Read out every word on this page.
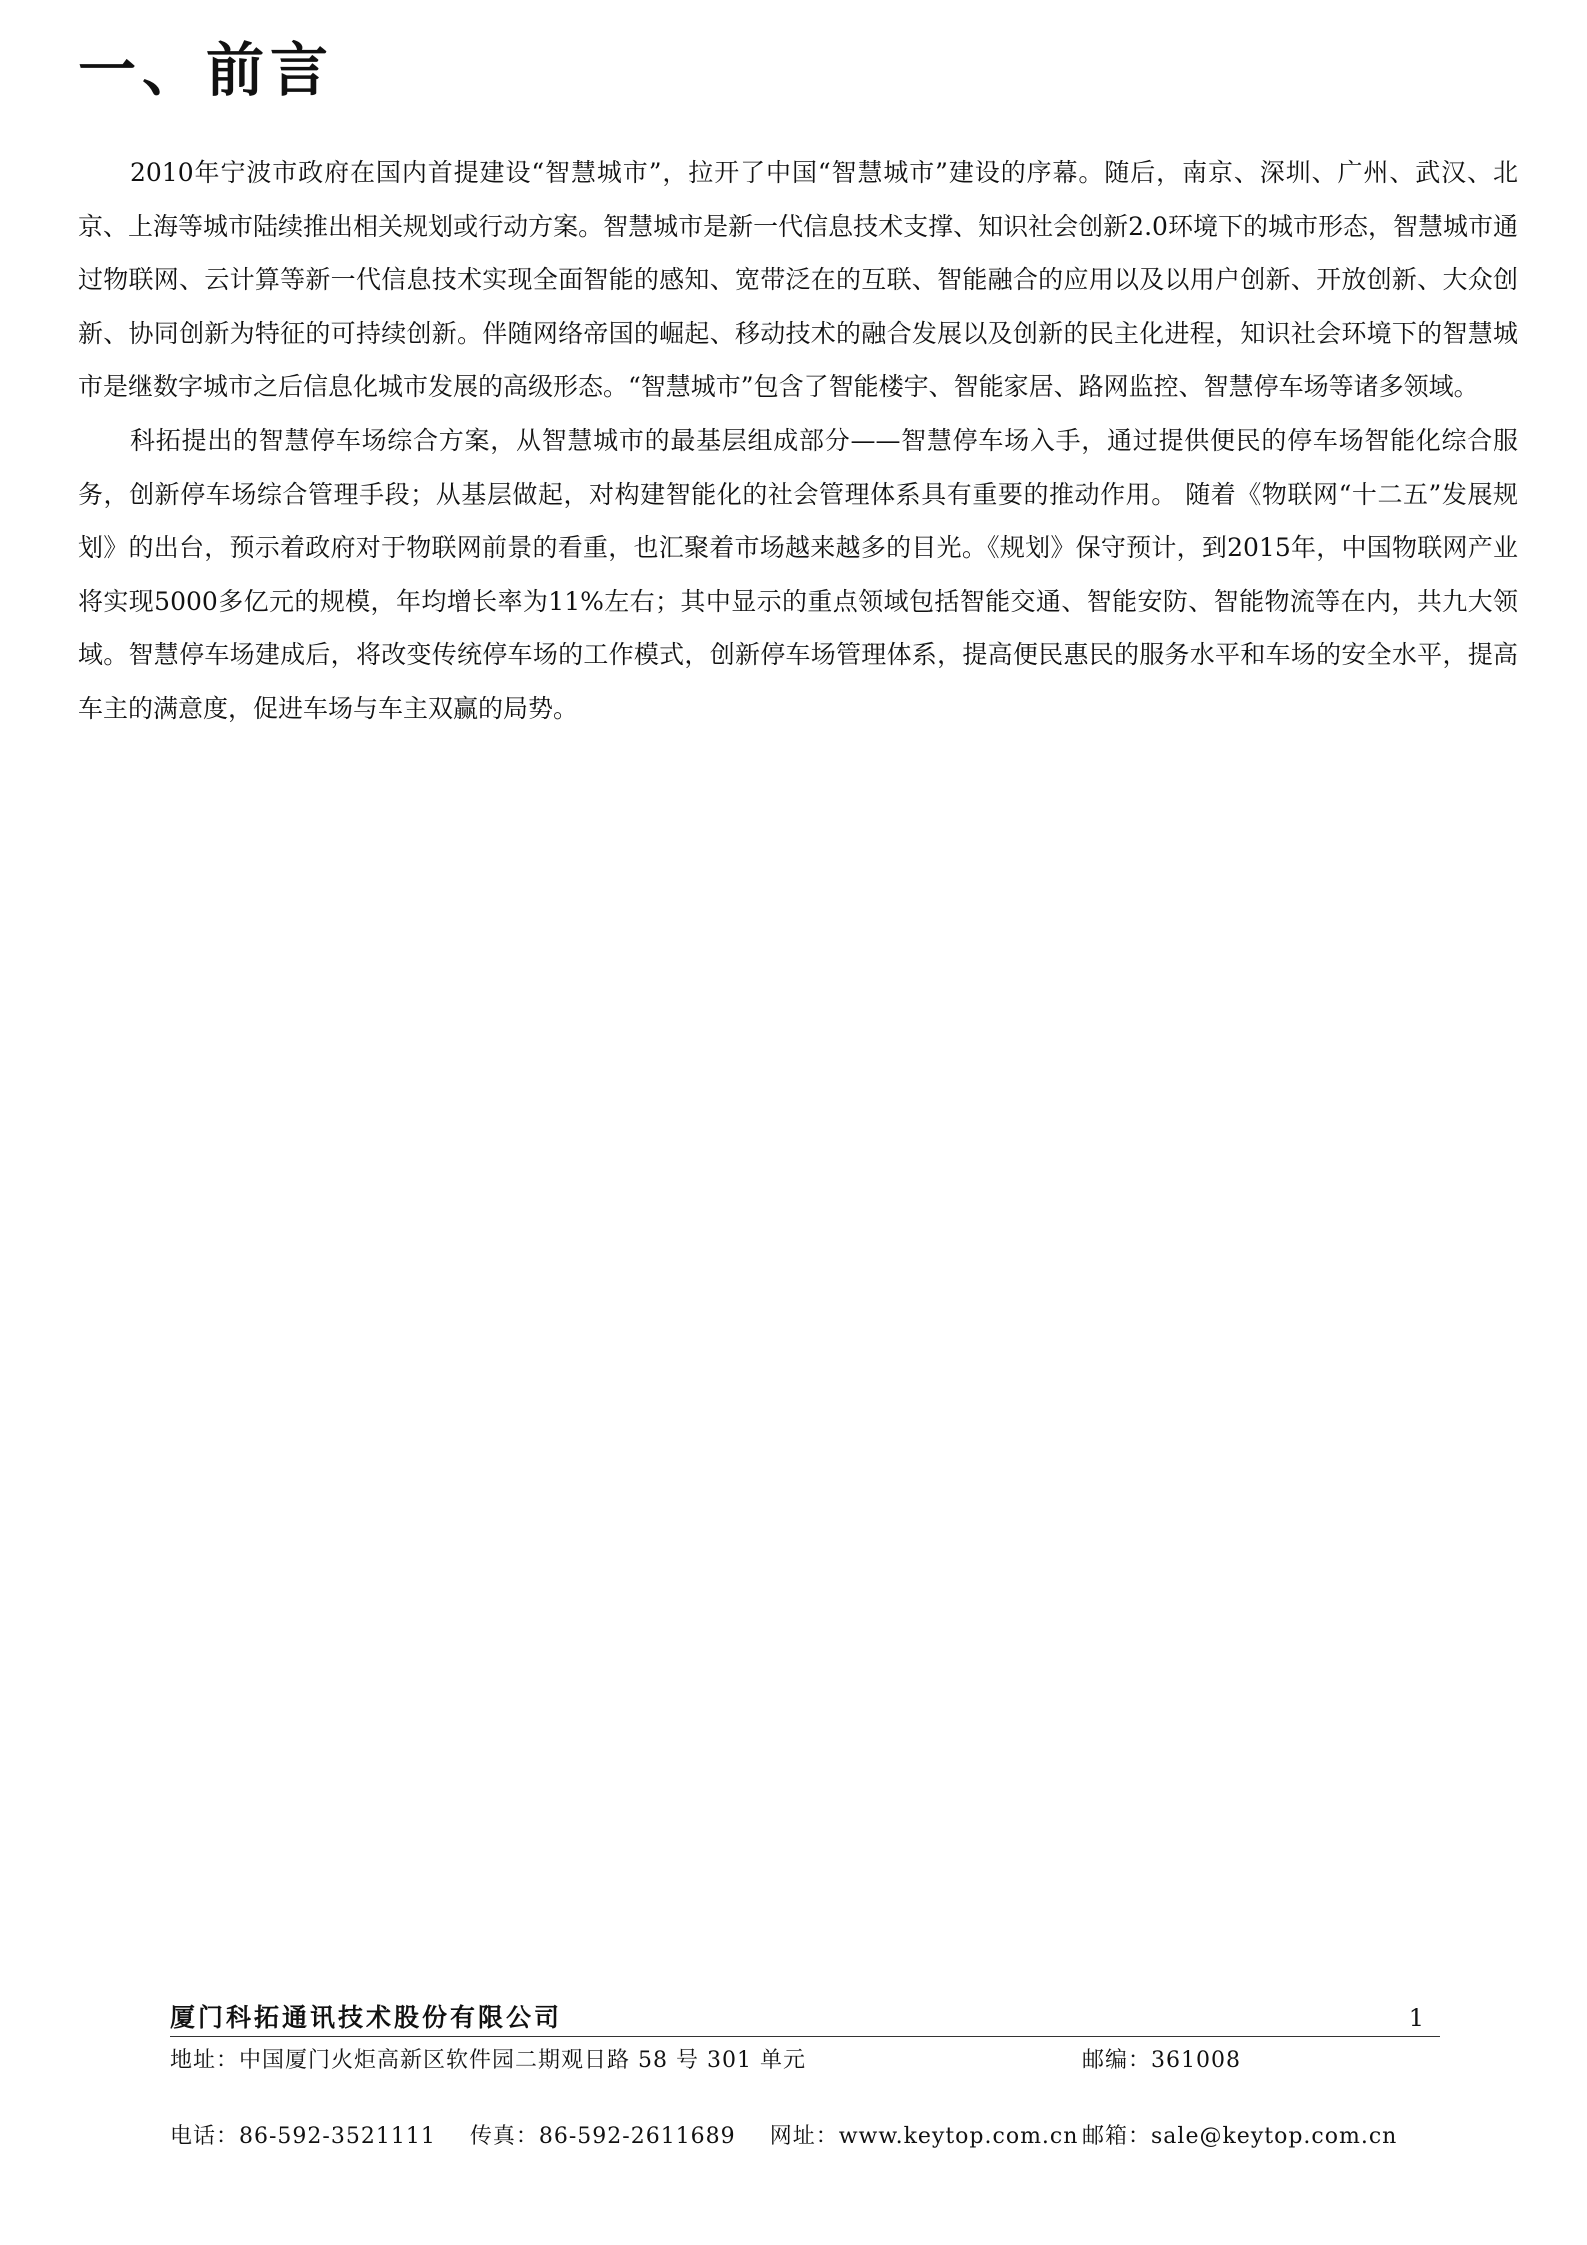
一、前言

2010年宁波市政府在国内首提建设“智慧城市”，拉开了中国“智慧城市”建设的序幕。随后，南京、深圳、广州、武汉、北京、上海等城市陆续推出相关规划或行动方案。智慧城市是新一代信息技术支撑、知识社会创新2.0环境下的城市形态，智慧城市通过物联网、云计算等新一代信息技术实现全面智能的感知、宽带泛在的互联、智能融合的应用以及以用户创新、开放创新、大众创新、协同创新为特征的可持续创新。伴随网络帝国的崛起、移动技术的融合发展以及创新的民主化进程，知识社会环境下的智慧城市是继数字城市之后信息化城市发展的高级形态。“智慧城市”包含了智能楼宇、智能家居、路网监控、智慧停车场等诸多领域。

科拓提出的智慧停车场综合方案，从智慧城市的最基层组成部分——智慧停车场入手，通过提供便民的停车场智能化综合服务，创新停车场综合管理手段；从基层做起，对构建智能化的社会管理体系具有重要的推动作用。 随着《物联网“十二五”发展规划》的出台，预示着政府对于物联网前景的看重，也汇聚着市场越来越多的目光。《规划》保守预计，到2015年，中国物联网产业将实现5000多亿元的规模，年均增长率为11%左右；其中显示的重点领域包括智能交通、智能安防、智能物流等在内，共九大领域。智慧停车场建成后，将改变传统停车场的工作模式，创新停车场管理体系，提高便民惠民的服务水平和车场的安全水平，提高车主的满意度，促进车场与车主双赢的局势。

厦门科拓通讯技术股份有限公司	1
地址：中国厦门火炬高新区软件园二期观日路 58 号 301 单元	邮编：361008
电话：86-592-3521111 传真：86-592-2611689 网址：www.keytop.com.cn 邮箱：sale@keytop.com.cn
